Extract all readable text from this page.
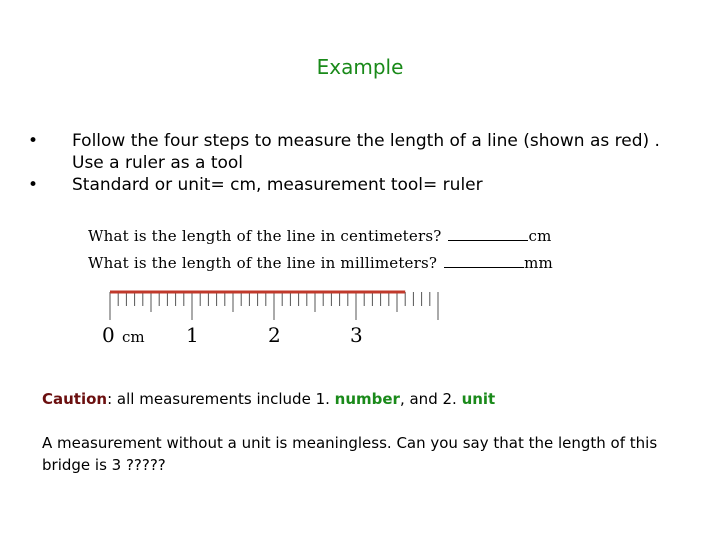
Example
•	Follow the four steps to measure the length of a line (shown as red) . Use a ruler as a tool
•	Standard or unit= cm, measurement tool= ruler
What is the length of the line in centimeters?	cm
What is the length of the line in millimeters?	mm
0 cm 1	2	3
Caution: all measurements include 1. number, and 2. unit
A measurement without a unit is meaningless. Can you say that the length of this bridge is 3 ?????
